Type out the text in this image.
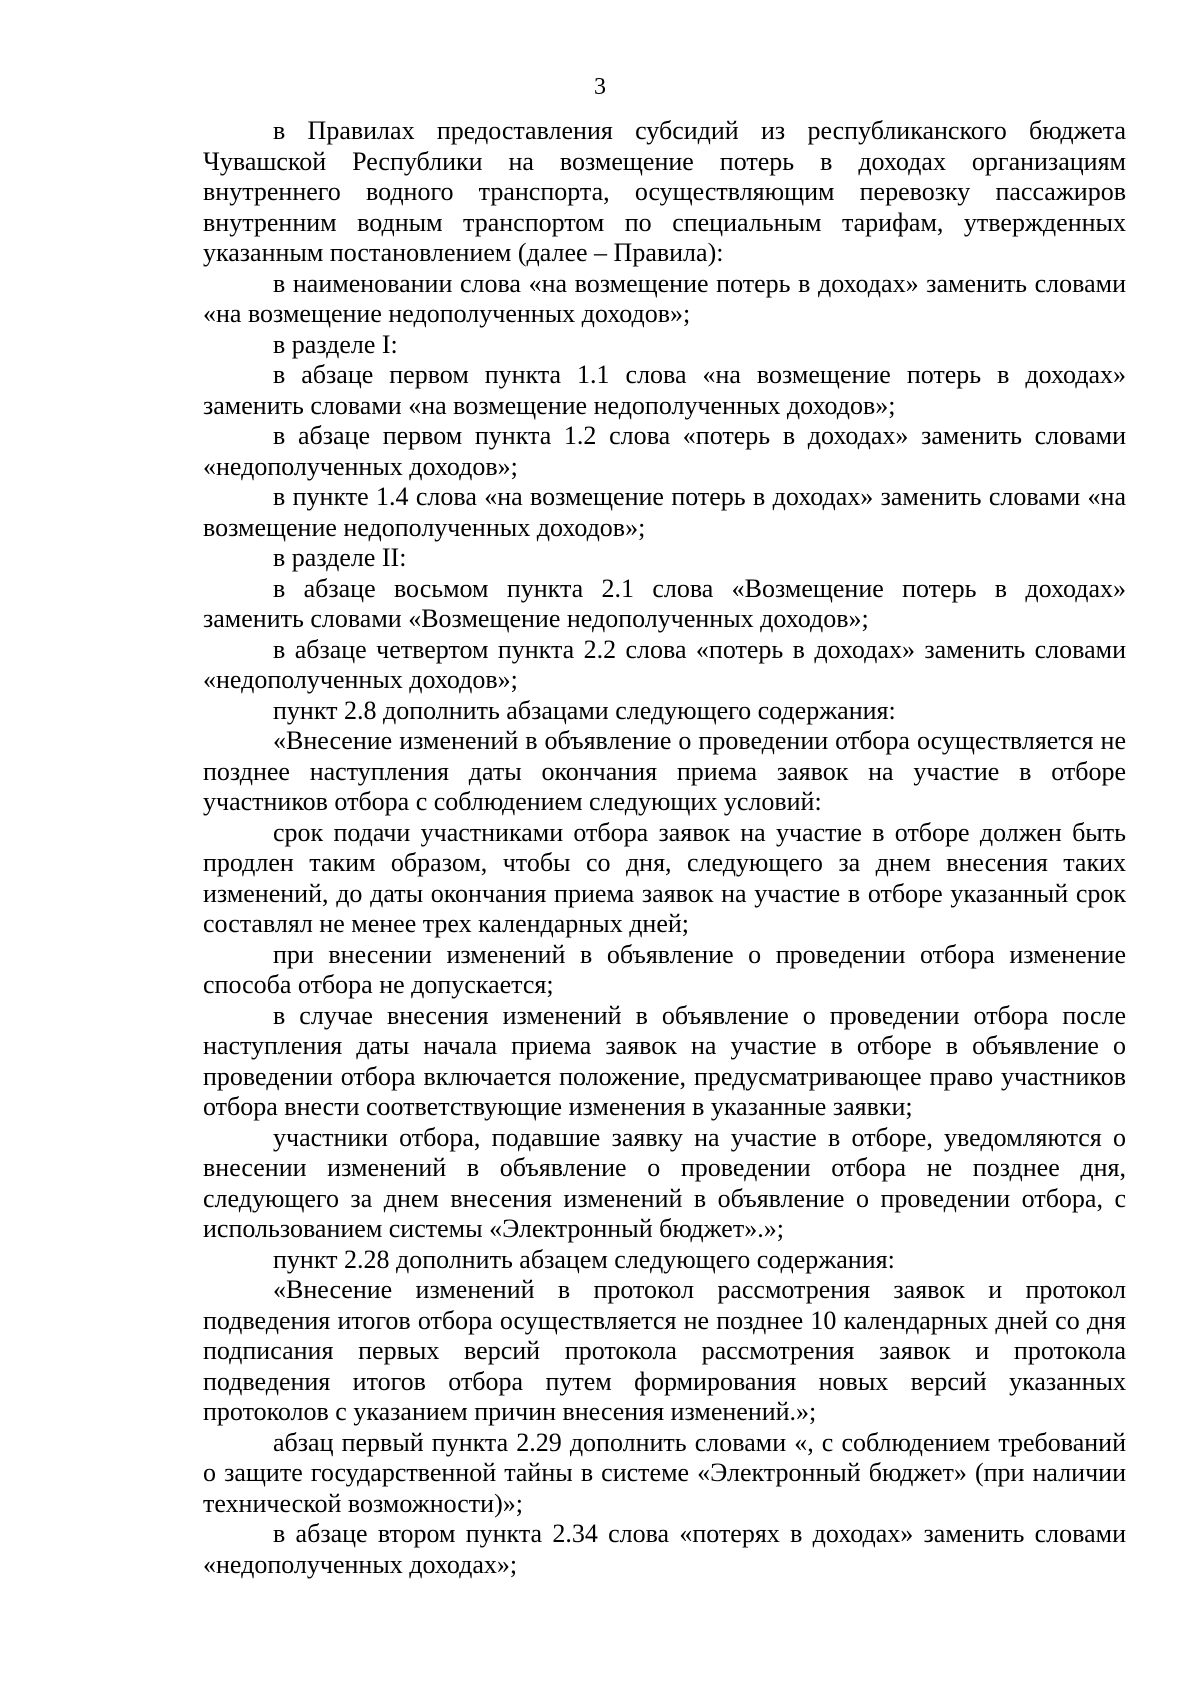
3

в Правилах предоставления субсидий из республиканского бюджета Чувашской Республики на возмещение потерь в доходах организациям внутреннего водного транспорта, осуществляющим перевозку пассажиров внутренним водным транспортом по специальным тарифам, утвержденных указанным постановлением (далее – Правила):

в наименовании слова «на возмещение потерь в доходах» заменить словами «на возмещение недополученных доходов»;

в разделе I:

в абзаце первом пункта 1.1 слова «на возмещение потерь в доходах» заменить словами «на возмещение недополученных доходов»;

в абзаце первом пункта 1.2 слова «потерь в доходах» заменить словами «недополученных доходов»;

в пункте 1.4 слова «на возмещение потерь в доходах» заменить словами «на возмещение недополученных доходов»;

в разделе II:

в абзаце восьмом пункта 2.1 слова «Возмещение потерь в доходах» заменить словами «Возмещение недополученных доходов»;

в абзаце четвертом пункта 2.2 слова «потерь в доходах» заменить словами «недополученных доходов»;

пункт 2.8 дополнить абзацами следующего содержания:

«Внесение изменений в объявление о проведении отбора осуществляется не позднее наступления даты окончания приема заявок на участие в отборе участников отбора с соблюдением следующих условий:

срок подачи участниками отбора заявок на участие в отборе должен быть продлен таким образом, чтобы со дня, следующего за днем внесения таких изменений, до даты окончания приема заявок на участие в отборе указанный срок составлял не менее трех календарных дней;

при внесении изменений в объявление о проведении отбора изменение способа отбора не допускается;

в случае внесения изменений в объявление о проведении отбора после наступления даты начала приема заявок на участие в отборе в объявление о проведении отбора включается положение, предусматривающее право участников отбора внести соответствующие изменения в указанные заявки;

участники отбора, подавшие заявку на участие в отборе, уведомляются о внесении изменений в объявление о проведении отбора не позднее дня, следующего за днем внесения изменений в объявление о проведении отбора, с использованием системы «Электронный бюджет».»;

пункт 2.28 дополнить абзацем следующего содержания:

«Внесение изменений в протокол рассмотрения заявок и протокол подведения итогов отбора осуществляется не позднее 10 календарных дней со дня подписания первых версий протокола рассмотрения заявок и протокола подведения итогов отбора путем формирования новых версий указанных протоколов с указанием причин внесения изменений.»;

абзац первый пункта 2.29 дополнить словами «, с соблюдением требований о защите государственной тайны в системе «Электронный бюджет» (при наличии технической возможности)»;

в абзаце втором пункта 2.34 слова «потерях в доходах» заменить словами «недополученных доходах»;
